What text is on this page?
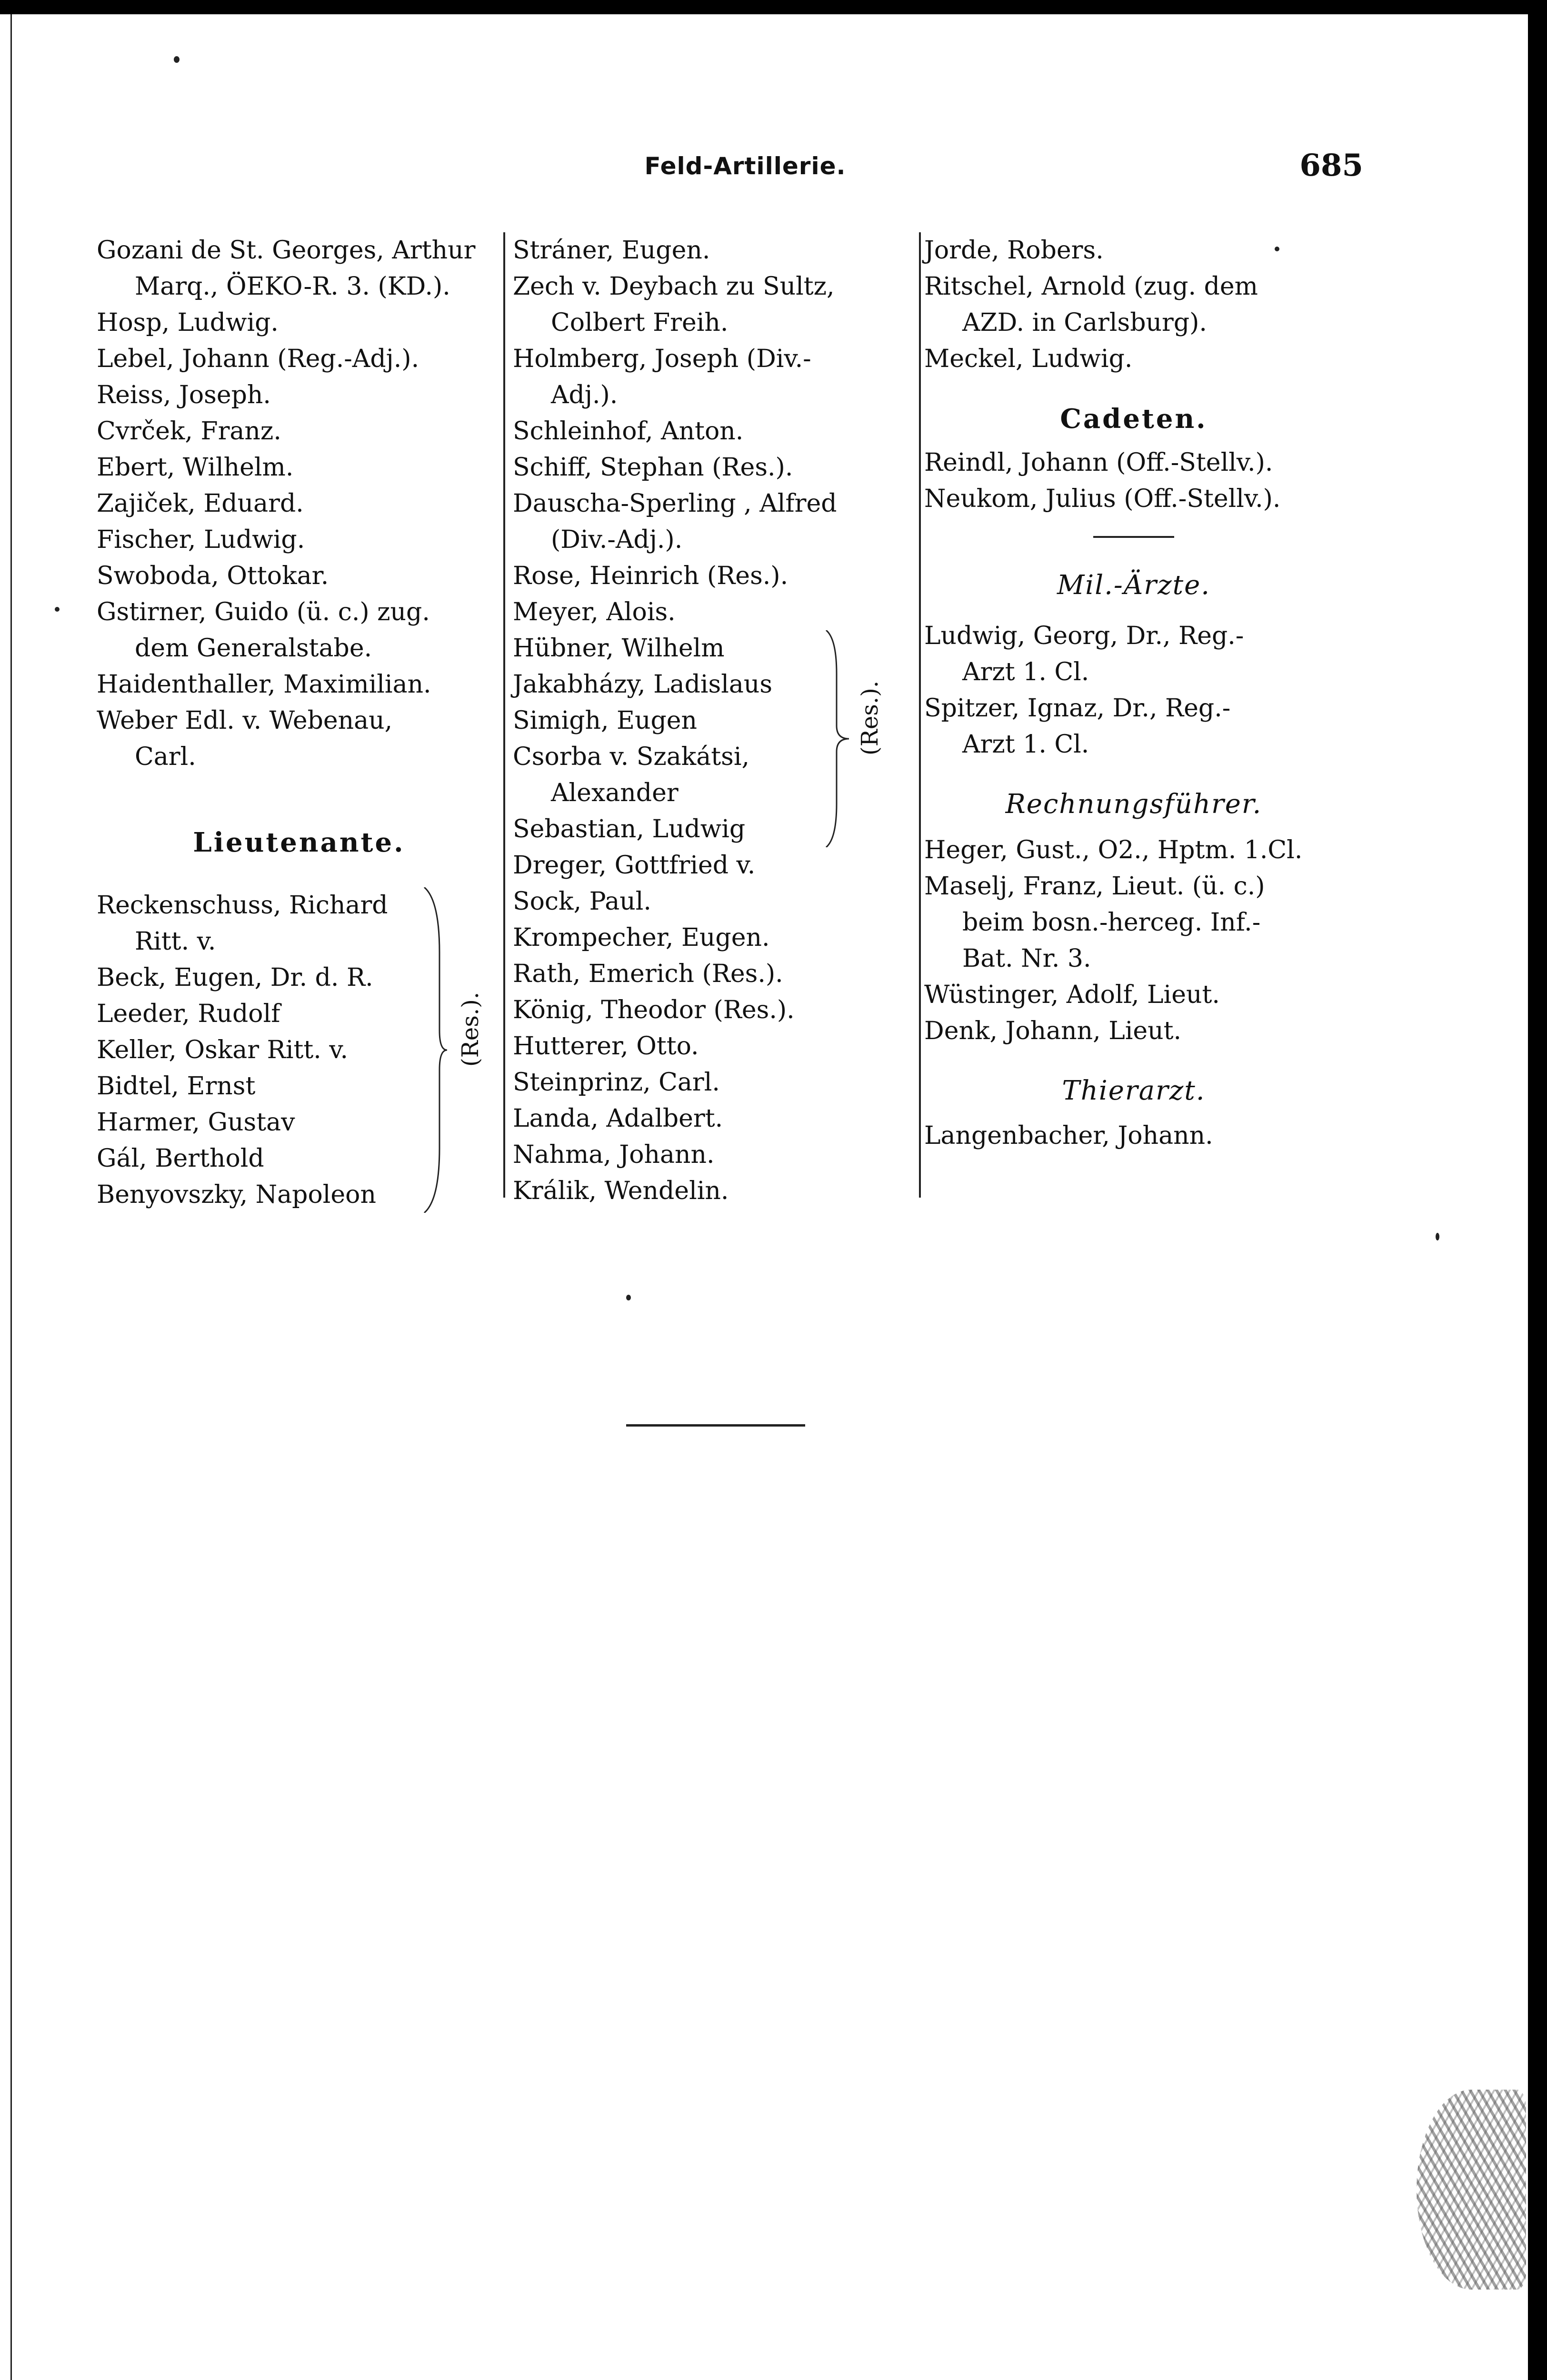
Feld-Artillerie.	685
Gozani de St. Georges, Arthur
Marq., ÖEKO-R. 3. (KD.).
Hosp, Ludwig.
Lebel, Johann (Reg.-Adj.).
Reiss, Joseph.
Cvrček, Franz.
Ebert, Wilhelm.
Zajiček, Eduard.
Fischer, Ludwig.
Swoboda, Ottokar.
Gstirner, Guido (ü. c.) zug.
dem Generalstabe.
Haidenthaller, Maximilian.
Weber Edl. v. Webenau,
Carl.
Lieutenante.
Reckenschuss, Richard
Ritt. v.
Beck, Eugen, Dr. d. R.
Leeder, Rudolf
Keller, Oskar Ritt. v.
Bidtel, Ernst
Harmer, Gustav
Gál, Berthold
Benyovszky, Napoleon
(Res.).
Stráner, Eugen.
Zech v. Deybach zu Sultz,
Colbert Freih.
Holmberg, Joseph (Div.-
Adj.).
Schleinhof, Anton.
Schiff, Stephan (Res.).
Dauscha-Sperling , Alfred
(Div.-Adj.).
Rose, Heinrich (Res.).
Meyer, Alois.
Hübner, Wilhelm
Jakabházy, Ladislaus
Simigh, Eugen
Csorba v. Szakátsi,
Alexander
Sebastian, Ludwig
(Res.).
Dreger, Gottfried v.
Sock, Paul.
Krompecher, Eugen.
Rath, Emerich (Res.).
König, Theodor (Res.).
Hutterer, Otto.
Steinprinz, Carl.
Landa, Adalbert.
Nahma, Johann.
Králik, Wendelin.
Jorde, Robers.
Ritschel, Arnold (zug. dem
AZD. in Carlsburg).
Meckel, Ludwig.
Cadeten.
Reindl, Johann (Off.-Stellv.).
Neukom, Julius (Off.-Stellv.).
Mil.-Ärzte.
Ludwig, Georg, Dr., Reg.-
Arzt 1. Cl.
Spitzer, Ignaz, Dr., Reg.-
Arzt 1. Cl.
Rechnungsführer.
Heger, Gust., O2., Hptm. 1.Cl.
Maselj, Franz, Lieut. (ü. c.)
beim bosn.-herceg. Inf.-
Bat. Nr. 3.
Wüstinger, Adolf, Lieut.
Denk, Johann, Lieut.
Thierarzt.
Langenbacher, Johann.
